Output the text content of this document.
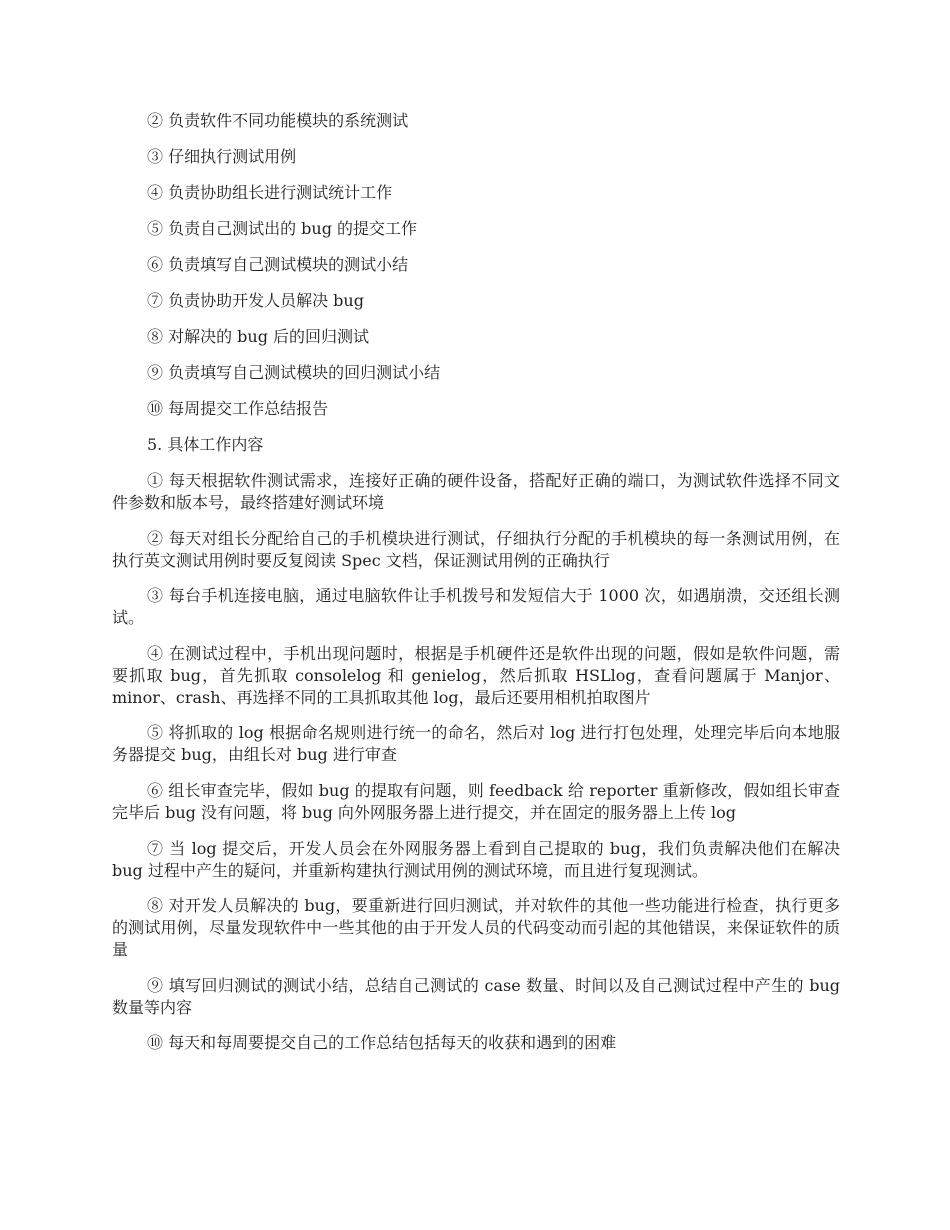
② 负责软件不同功能模块的系统测试
③ 仔细执行测试用例
④ 负责协助组长进行测试统计工作
⑤ 负责自己测试出的 bug 的提交工作
⑥ 负责填写自己测试模块的测试小结
⑦ 负责协助开发人员解决 bug
⑧ 对解决的 bug 后的回归测试
⑨ 负责填写自己测试模块的回归测试小结
⑩ 每周提交工作总结报告
5. 具体工作内容

① 每天根据软件测试需求，连接好正确的硬件设备，搭配好正确的端口，为测试软件选择不同文件参数和版本号，最终搭建好测试环境

② 每天对组长分配给自己的手机模块进行测试，仔细执行分配的手机模块的每一条测试用例，在执行英文测试用例时要反复阅读 Spec 文档，保证测试用例的正确执行

③ 每台手机连接电脑，通过电脑软件让手机拨号和发短信大于 1000 次，如遇崩溃，交还组长测试。

④ 在测试过程中，手机出现问题时，根据是手机硬件还是软件出现的问题，假如是软件问题，需要抓取 bug，首先抓取 consolelog 和 genielog，然后抓取 HSLlog，查看问题属于 Manjor、minor、crash、再选择不同的工具抓取其他 log，最后还要用相机拍取图片

⑤ 将抓取的 log 根据命名规则进行统一的命名，然后对 log 进行打包处理，处理完毕后向本地服务器提交 bug，由组长对 bug 进行审查

⑥ 组长审查完毕，假如 bug 的提取有问题，则 feedback 给 reporter 重新修改，假如组长审查完毕后 bug 没有问题，将 bug 向外网服务器上进行提交，并在固定的服务器上上传 log

⑦ 当 log 提交后，开发人员会在外网服务器上看到自己提取的 bug，我们负责解决他们在解决 bug 过程中产生的疑问，并重新构建执行测试用例的测试环境，而且进行复现测试。

⑧ 对开发人员解决的 bug，要重新进行回归测试，并对软件的其他一些功能进行检查，执行更多的测试用例，尽量发现软件中一些其他的由于开发人员的代码变动而引起的其他错误，来保证软件的质量

⑨ 填写回归测试的测试小结，总结自己测试的 case 数量、时间以及自己测试过程中产生的 bug 数量等内容

⑩ 每天和每周要提交自己的工作总结包括每天的收获和遇到的困难
